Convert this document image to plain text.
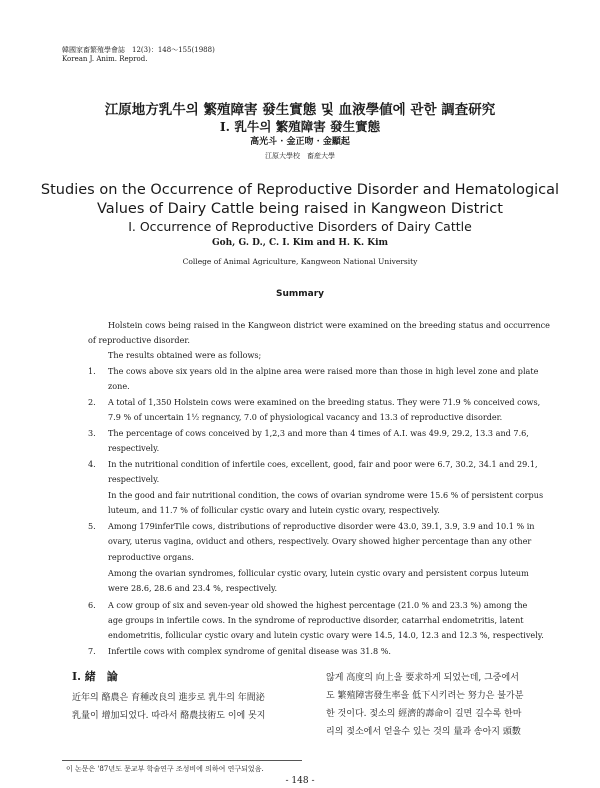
韓國家畜繁殖學會誌　12(3)：148～155(1988)
Korean J. Anim. Reprod.
江原地方乳牛의 繁殖障害 發生實態 및 血液學値에 관한 調査研究
Ⅰ. 乳牛의 繁殖障害 發生實態
高光斗 · 金正吻 · 金顯起
江原大學校　畜産大學
Studies on the Occurrence of Reproductive Disorder and Hematological
Values of Dairy Cattle being raised in Kangweon District
Ⅰ. Occurrence of Reproductive Disorders of Dairy Cattle
Goh, G. D., C. I. Kim and H. K. Kim
College of Animal Agriculture, Kangweon National University
Summary
Holstein cows being raised in the Kangweon district were examined on the breeding status and occurrence
of reproductive disorder.
The results obtained were as follows;
1. The cows above six years old in the alpine area were raised more than those in high level zone and plate
zone.
2. A total of 1,350 Holstein cows were examined on the breeding status. They were 71.9 % conceived cows,
7.9 % of uncertain 1½ regnancy, 7.0 of physiological vacancy and 13.3 of reproductive disorder.
3. The percentage of cows conceived by 1,2,3 and more than 4 times of A.I. was 49.9, 29.2, 13.3 and 7.6,
respectively.
4. In the nutritional condition of infertile coes, excellent, good, fair and poor were 6.7, 30.2, 34.1 and 29.1,
respectively.
In the good and fair nutritional condition, the cows of ovarian syndrome were 15.6 % of persistent corpus
luteum, and 11.7 % of follicular cystic ovary and lutein cystic ovary, respectively.
5. Among 179inferTile cows, distributions of reproductive disorder were 43.0, 39.1, 3.9, 3.9 and 10.1 % in
ovary, uterus vagina, oviduct and others, respectively. Ovary showed higher percentage than any other
reproductive organs.
Among the ovarian syndromes, follicular cystic ovary, lutein cystic ovary and persistent corpus luteum
were 28.6, 28.6 and 23.4 %, respectively.
6. A cow group of six and seven-year old showed the highest percentage (21.0 % and 23.3 %) among the
age groups in infertile cows. In the syndrome of reproductive disorder, catarrhal endometritis, latent
endometritis, follicular cystic ovary and lutein cystic ovary were 14.5, 14.0, 12.3 and 12.3 %, respectively.
7. Infertile cows with complex syndrome of genital disease was 31.8 %.
Ⅰ. 緒　論
近年의 酪農은 育種改良의 進步로 乳牛의 年間泌
乳量이 增加되었다. 따라서 酪農技術도 이에 못지
않게 高度의 向上을 要求하게 되었는데, 그중에서
도 繁殖障害發生率을 低下시키려는 努力은 불가분
한 것이다. 젖소의 經濟的壽命이 길면 길수록 한마
리의 젖소에서 얻을수 있는 것의 量과 송아지 頭數
이 논문은 '87년도 문교부 학술연구 조성비에 의하여 연구되었음.
- 148 -
